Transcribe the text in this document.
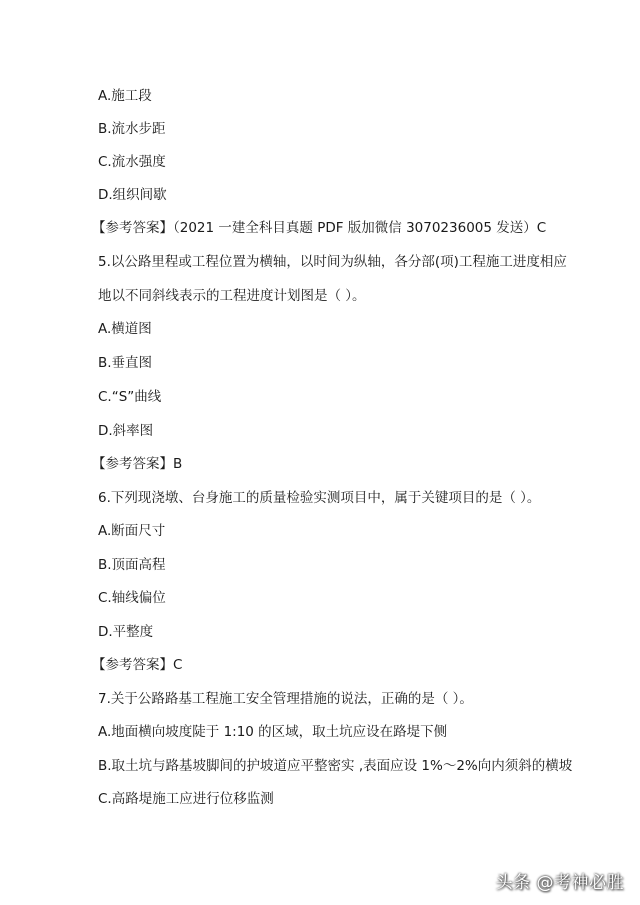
A.施工段
B.流水步距
C.流水强度
D.组织间歇
【参考答案】（2021 一建全科目真题 PDF 版加微信 3070236005 发送）C
5.以公路里程或工程位置为横轴，以时间为纵轴，各分部(项)工程施工进度相应
地以不同斜线表示的工程进度计划图是（ ）。
A.横道图
B.垂直图
C.“S”曲线
D.斜率图
【参考答案】B
6.下列现浇墩、台身施工的质量检验实测项目中，属于关键项目的是（ ）。
A.断面尺寸
B.顶面高程
C.轴线偏位
D.平整度
【参考答案】C
7.关于公路路基工程施工安全管理措施的说法，正确的是（ ）。
A.地面横向坡度陡于 1:10 的区域，取土坑应设在路堤下侧
B.取土坑与路基坡脚间的护坡道应平整密实 ,表面应设 1%～2%向内须斜的横坡
C.高路堤施工应进行位移监测
头条 @考神必胜
